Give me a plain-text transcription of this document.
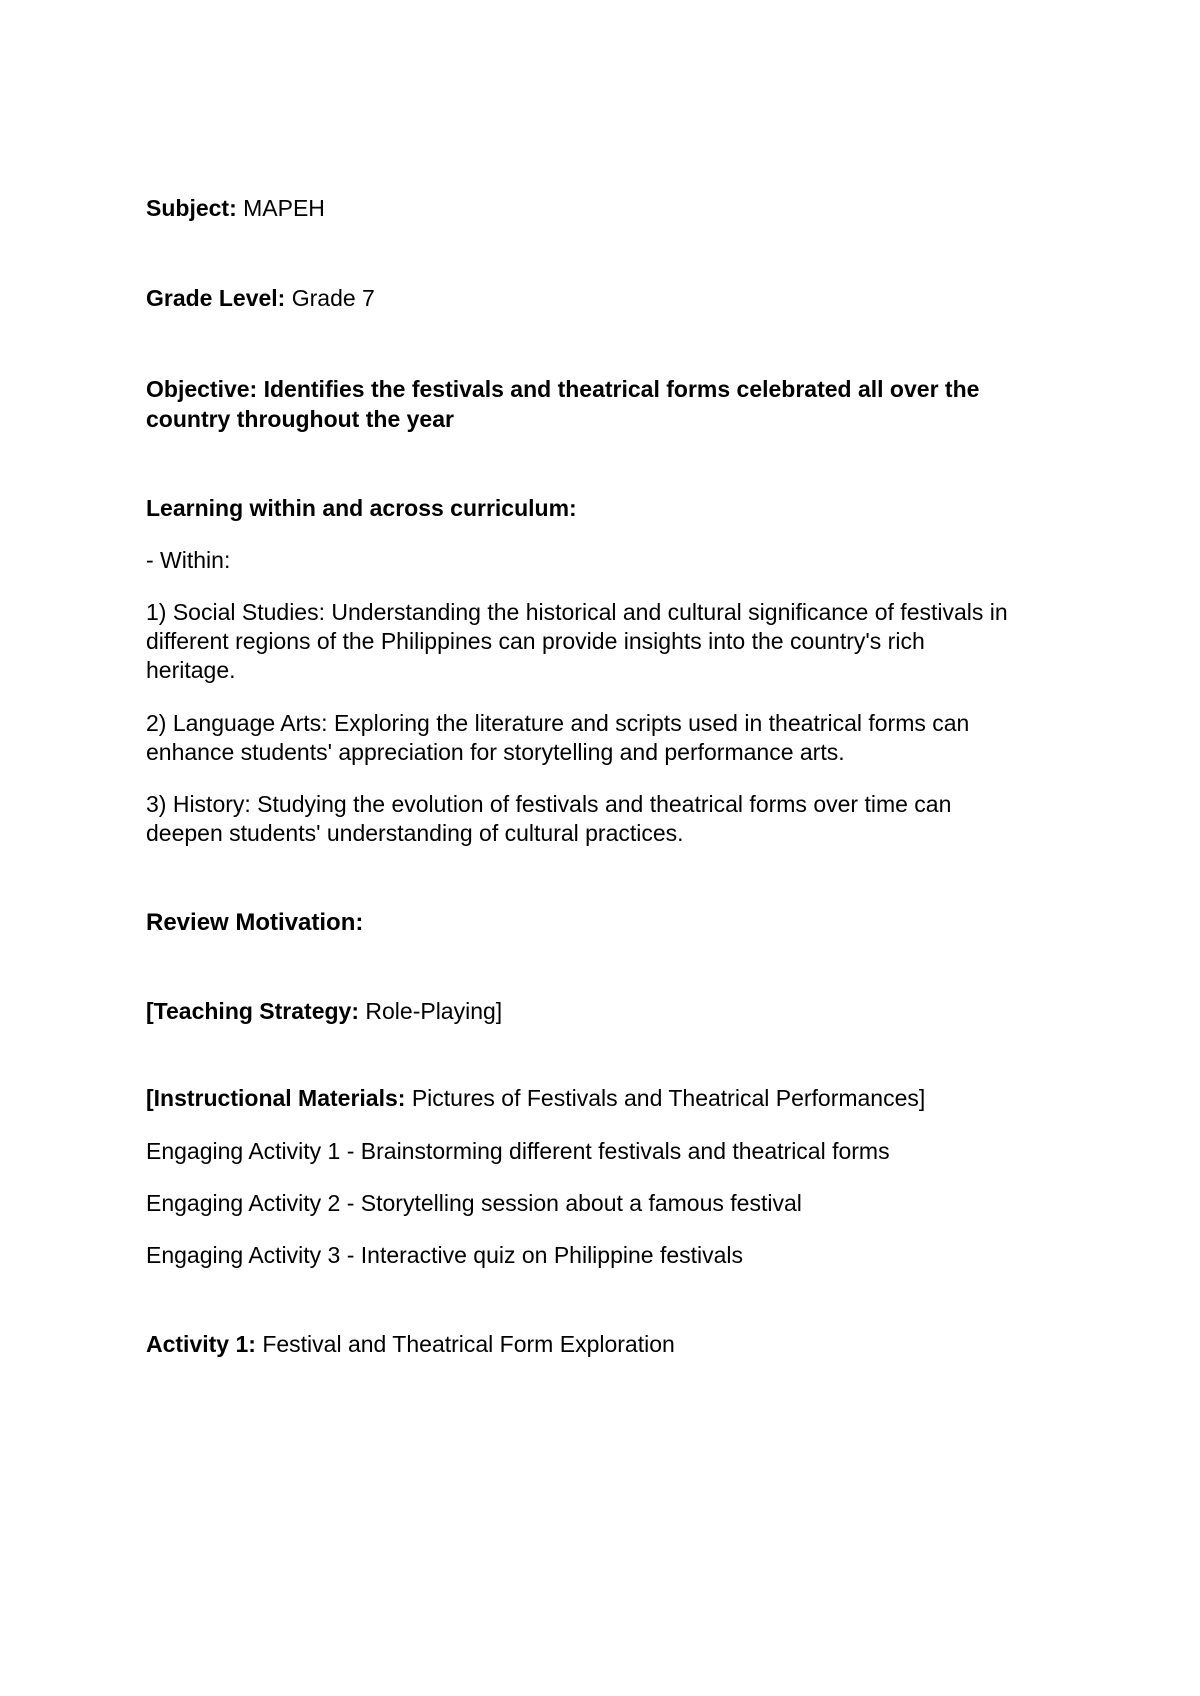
Subject: MAPEH
Grade Level: Grade 7
Objective: Identifies the festivals and theatrical forms celebrated all over the
country throughout the year
Learning within and across curriculum:
- Within:
1) Social Studies: Understanding the historical and cultural significance of festivals in
different regions of the Philippines can provide insights into the country's rich
heritage.
2) Language Arts: Exploring the literature and scripts used in theatrical forms can
enhance students' appreciation for storytelling and performance arts.
3) History: Studying the evolution of festivals and theatrical forms over time can
deepen students' understanding of cultural practices.
Review Motivation:
[Teaching Strategy: Role-Playing]
[Instructional Materials: Pictures of Festivals and Theatrical Performances]
Engaging Activity 1 - Brainstorming different festivals and theatrical forms
Engaging Activity 2 - Storytelling session about a famous festival
Engaging Activity 3 - Interactive quiz on Philippine festivals
Activity 1: Festival and Theatrical Form Exploration
